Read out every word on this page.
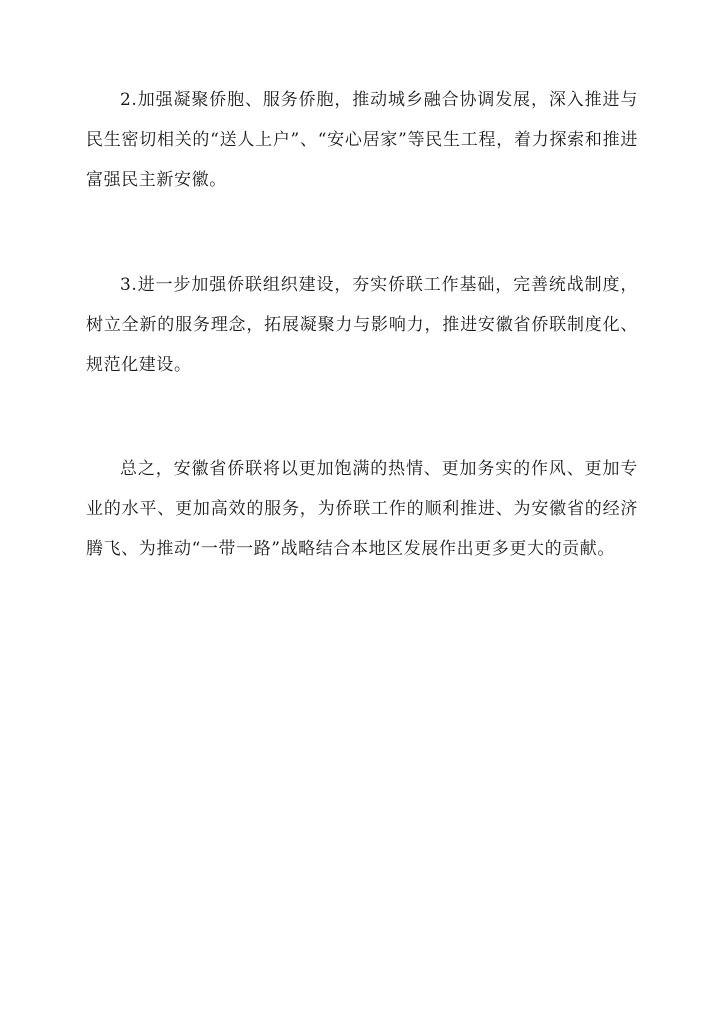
2.加强凝聚侨胞、服务侨胞，推动城乡融合协调发展，深入推进与民生密切相关的“送人上户”、“安心居家”等民生工程，着力探索和推进富强民主新安徽。

3.进一步加强侨联组织建设，夯实侨联工作基础，完善统战制度，树立全新的服务理念，拓展凝聚力与影响力，推进安徽省侨联制度化、规范化建设。

总之，安徽省侨联将以更加饱满的热情、更加务实的作风、更加专业的水平、更加高效的服务，为侨联工作的顺利推进、为安徽省的经济腾飞、为推动“一带一路”战略结合本地区发展作出更多更大的贡献。
